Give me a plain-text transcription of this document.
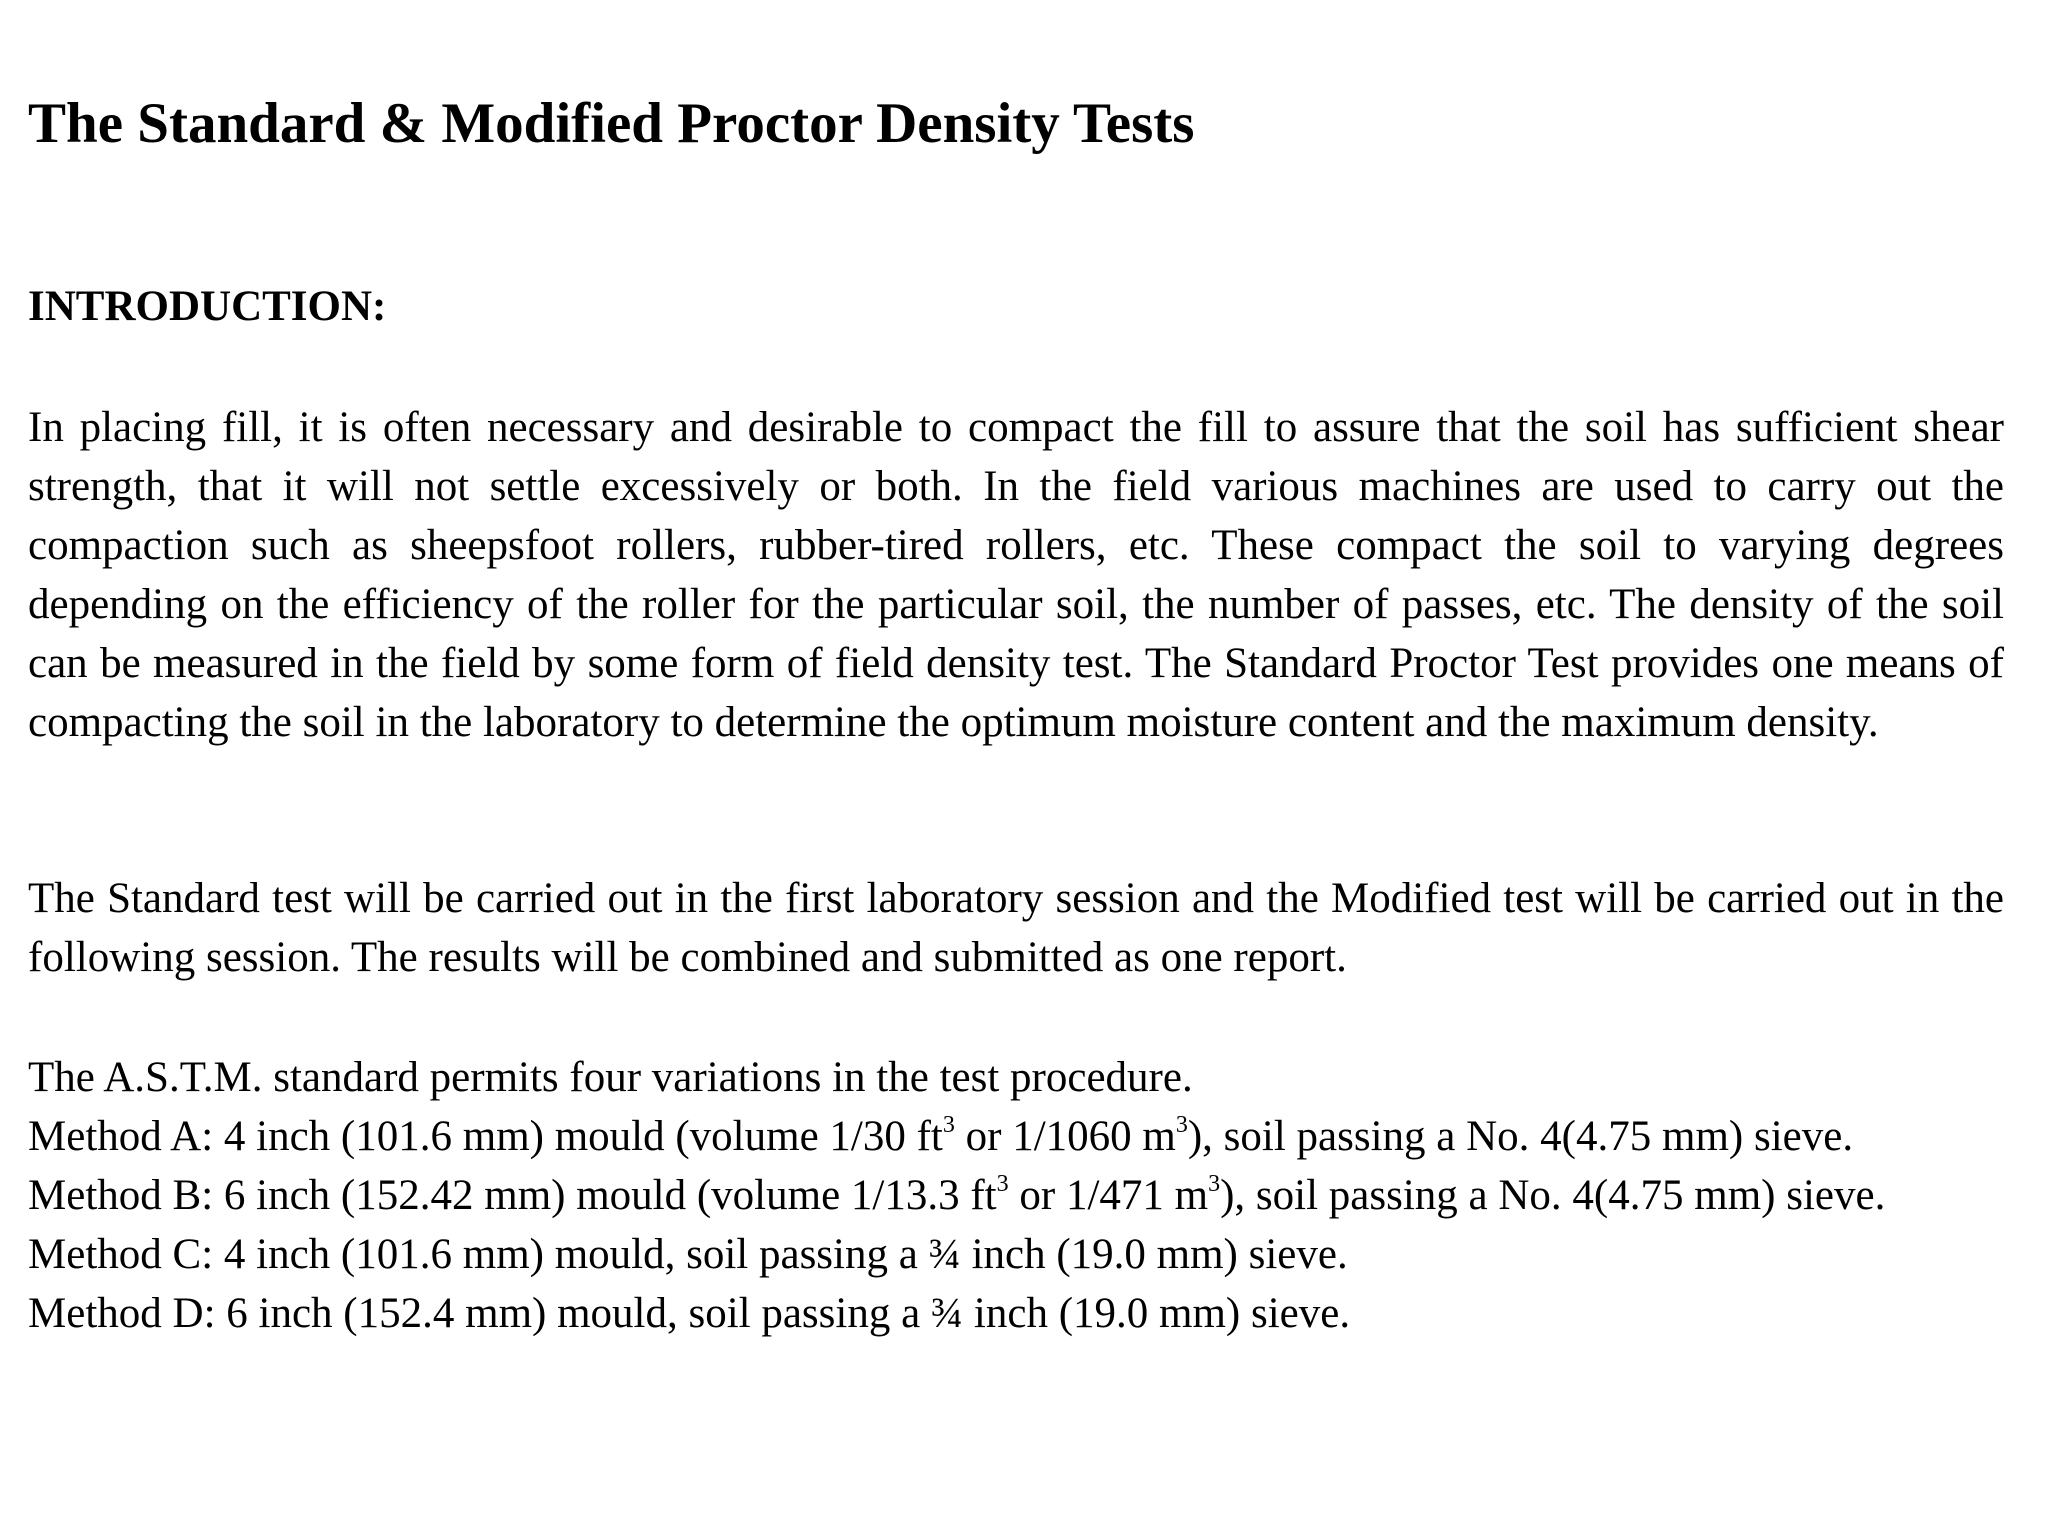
The Standard & Modified Proctor Density Tests
INTRODUCTION:

In placing fill, it is often necessary and desirable to compact the fill to assure that the soil has sufficient shear strength, that it will not settle excessively or both. In the field various machines are used to carry out the compaction such as sheepsfoot rollers, rubber-tired rollers, etc. These compact the soil to varying degrees depending on the efficiency of the roller for the particular soil, the number of passes, etc. The density of the soil can be measured in the field by some form of field density test. The Standard Proctor Test provides one means of compacting the soil in the laboratory to determine the optimum moisture content and the maximum density.

The Standard test will be carried out in the first laboratory session and the Modified test will be carried out in the following session. The results will be combined and submitted as one report.

The A.S.T.M. standard permits four variations in the test procedure.

Method A: 4 inch (101.6 mm) mould (volume 1/30 $ft^3$ or 1/1060 $m^3$), soil passing a No. 4(4.75 mm) sieve.

Method B: 6 inch (152.42 mm) mould (volume 1/13.3 $ft^3$ or 1/471 $m^3$), soil passing a No. 4(4.75 mm) sieve.

Method C: 4 inch (101.6 mm) mould, soil passing a ¾ inch (19.0 mm) sieve.

Method D: 6 inch (152.4 mm) mould, soil passing a ¾ inch (19.0 mm) sieve.
